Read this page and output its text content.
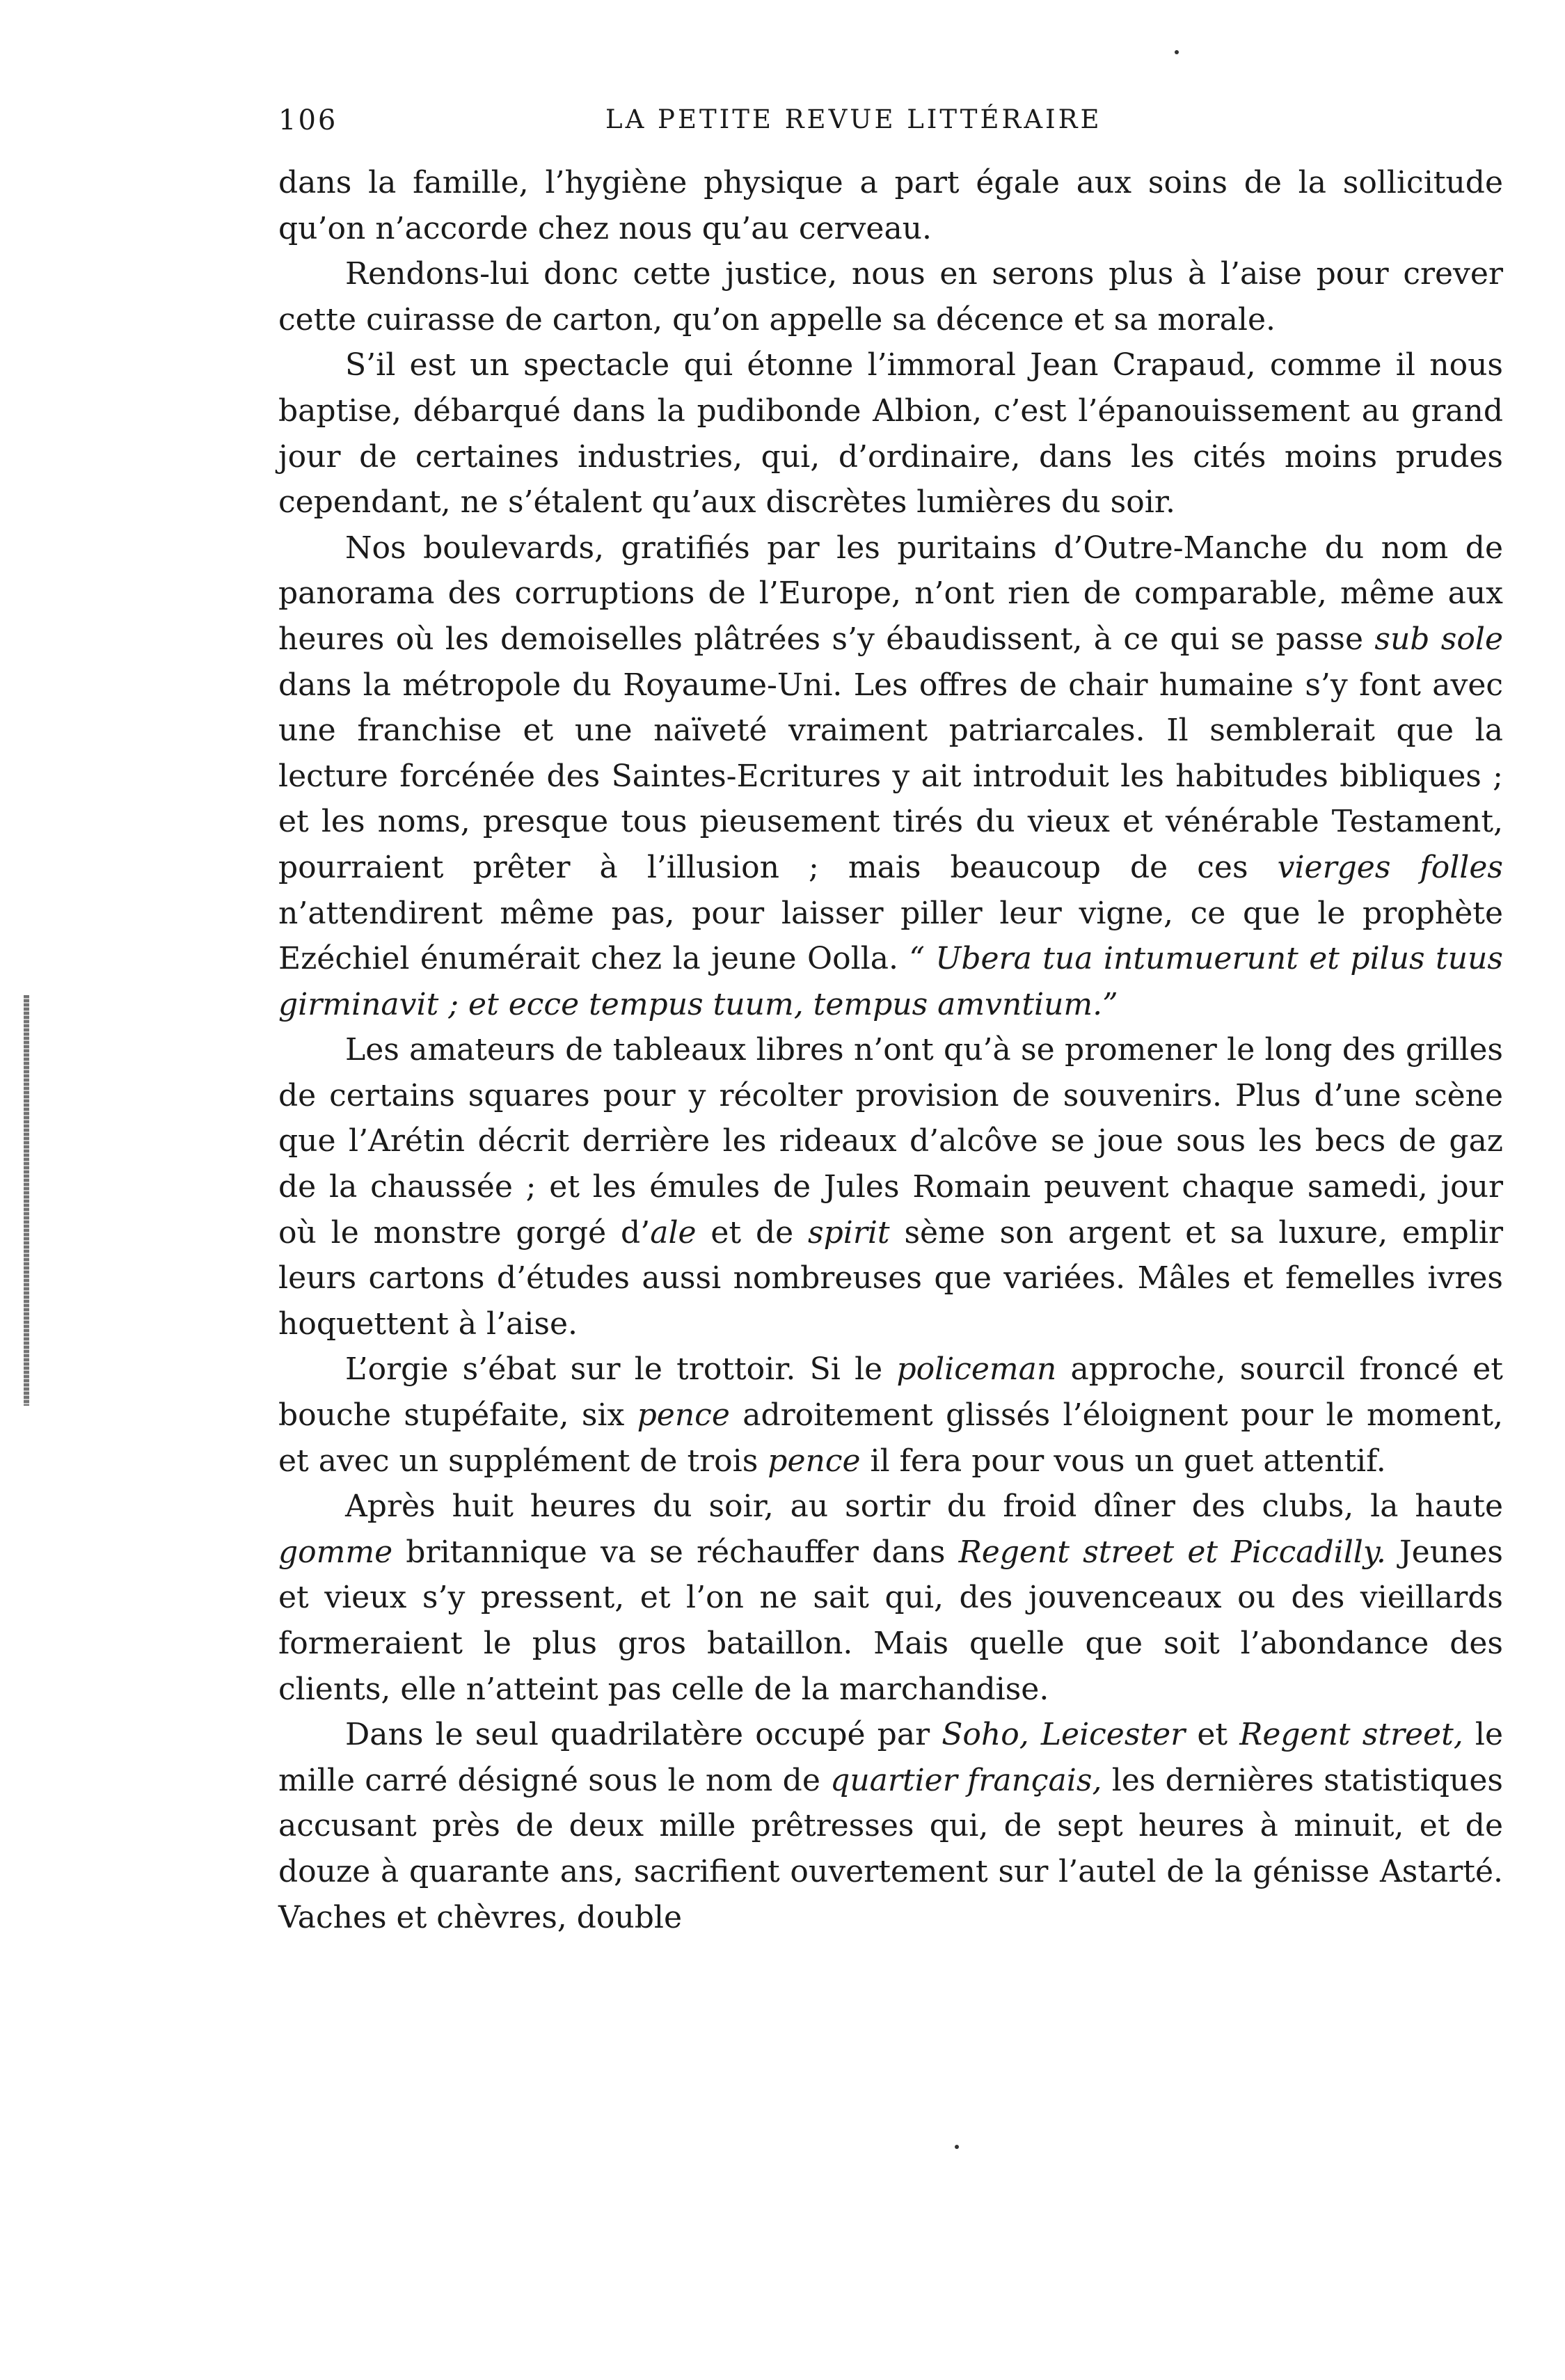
106	LA PETITE REVUE LITTÉRAIRE

dans la famille, l’hygiène physique a part égale aux soins de la sollicitude qu’on n’accorde chez nous qu’au cerveau.

Rendons-lui donc cette justice, nous en serons plus à l’aise pour crever cette cuirasse de carton, qu’on appelle sa décence et sa morale.

S’il est un spectacle qui étonne l’immoral Jean Crapaud, comme il nous baptise, débarqué dans la pudibonde Albion, c’est l’épanouissement au grand jour de certaines industries, qui, d’ordinaire, dans les cités moins prudes cependant, ne s’étalent qu’aux discrètes lumières du soir.

Nos boulevards, gratifiés par les puritains d’Outre-Manche du nom de panorama des corruptions de l’Europe, n’ont rien de comparable, même aux heures où les demoiselles plâtrées s’y ébaudissent, à ce qui se passe sub sole dans la métropole du Royaume-Uni. Les offres de chair humaine s’y font avec une franchise et une naïveté vraiment patriarcales. Il semblerait que la lecture forcénée des Saintes-Ecritures y ait introduit les habitudes bibliques ; et les noms, presque tous pieusement tirés du vieux et vénérable Testament, pourraient prêter à l’illusion ; mais beaucoup de ces vierges folles n’attendirent même pas, pour laisser piller leur vigne, ce que le prophète Ezéchiel énumérait chez la jeune Oolla. “ Ubera tua intumuerunt et pilus tuus girminavit ; et ecce tempus tuum, tempus amvntium.”

Les amateurs de tableaux libres n’ont qu’à se promener le long des grilles de certains squares pour y récolter provision de souvenirs. Plus d’une scène que l’Arétin décrit derrière les rideaux d’alcôve se joue sous les becs de gaz de la chaussée ; et les émules de Jules Romain peuvent chaque samedi, jour où le monstre gorgé d’ale et de spirit sème son argent et sa luxure, emplir leurs cartons d’études aussi nombreuses que variées. Mâles et femelles ivres hoquettent à l’aise.

L’orgie s’ébat sur le trottoir. Si le policeman approche, sourcil froncé et bouche stupéfaite, six pence adroitement glissés l’éloignent pour le moment, et avec un supplément de trois pence il fera pour vous un guet attentif.

Après huit heures du soir, au sortir du froid dîner des clubs, la haute gomme britannique va se réchauffer dans Regent street et Piccadilly. Jeunes et vieux s’y pressent, et l’on ne sait qui, des jouvenceaux ou des vieillards formeraient le plus gros bataillon. Mais quelle que soit l’abondance des clients, elle n’atteint pas celle de la marchandise.

Dans le seul quadrilatère occupé par Soho, Leicester et Regent street, le mille carré désigné sous le nom de quartier français, les dernières statistiques accusant près de deux mille prêtresses qui, de sept heures à minuit, et de douze à quarante ans, sacrifient ouvertement sur l’autel de la génisse Astarté. Vaches et chèvres, double
